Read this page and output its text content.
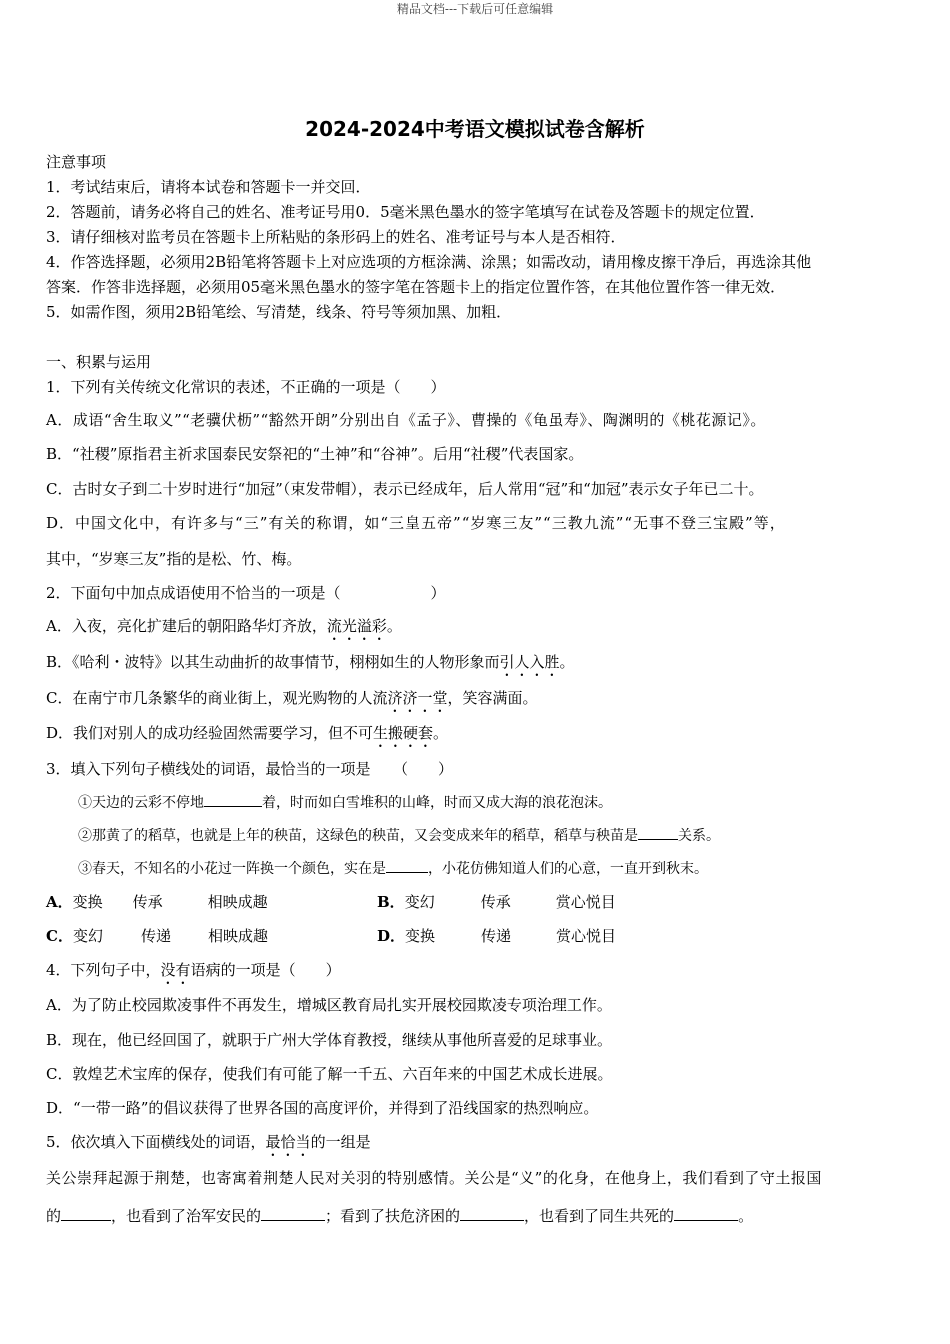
精品文档---下载后可任意编辑
2024-2024中考语文模拟试卷含解析
注意事项
1．考试结束后，请将本试卷和答题卡一并交回．
2．答题前，请务必将自己的姓名、准考证号用0．5毫米黑色墨水的签字笔填写在试卷及答题卡的规定位置．
3．请仔细核对监考员在答题卡上所粘贴的条形码上的姓名、准考证号与本人是否相符．
4．作答选择题，必须用2B铅笔将答题卡上对应选项的方框涂满、涂黑；如需改动，请用橡皮擦干净后，再选涂其他
答案．作答非选择题，必须用05毫米黑色墨水的签字笔在答题卡上的指定位置作答，在其他位置作答一律无效．
5．如需作图，须用2B铅笔绘、写清楚，线条、符号等须加黑、加粗．
一、积累与运用
1．下列有关传统文化常识的表述，不正确的一项是（　　）
A．成语“舍生取义”“老骥伏枥”“豁然开朗”分别出自《孟子》、曹操的《龟虽寿》、陶渊明的《桃花源记》。
B．“社稷”原指君主祈求国泰民安祭祀的“土神”和“谷神”。后用“社稷”代表国家。
C．古时女子到二十岁时进行“加冠”（束发带帽），表示已经成年，后人常用“冠”和“加冠”表示女子年已二十。
D．中国文化中，有许多与“三”有关的称谓，如“三皇五帝”“岁寒三友”“三教九流”“无事不登三宝殿”等，
其中，“岁寒三友”指的是松、竹、梅。
2．下面句中加点成语使用不恰当的一项是（　　　　　　）
A．入夜，亮化扩建后的朝阳路华灯齐放，流光溢彩。
B．《哈利・波特》以其生动曲折的故事情节，栩栩如生的人物形象而引人入胜。
C．在南宁市几条繁华的商业街上，观光购物的人流济济一堂，笑容满面。
D．我们对别人的成功经验固然需要学习，但不可生搬硬套。
3．填入下列句子横线处的词语，最恰当的一项是　　（　　）
①天边的云彩不停地	着，时而如白雪堆积的山峰，时而又成大海的浪花泡沫。
②那黄了的稻草，也就是上年的秧苗，这绿色的秧苗，又会变成来年的稻草，稻草与秧苗是	关系。
③春天，不知名的小花过一阵换一个颜色，实在是	，小花仿佛知道人们的心意，一直开到秋末。
A．变换 传承	相映成趣	B．变幻	传承	赏心悦目
C．变幻	传递 相映成趣	D．变换	传递	赏心悦目
4．下列句子中，没有语病的一项是（　　）
A．为了防止校园欺凌事件不再发生，增城区教育局扎实开展校园欺凌专项治理工作。
B．现在，他已经回国了，就职于广州大学体育教授，继续从事他所喜爱的足球事业。
C．敦煌艺术宝库的保存，使我们有可能了解一千五、六百年来的中国艺术成长进展。
D．“一带一路”的倡议获得了世界各国的高度评价，并得到了沿线国家的热烈响应。
5．依次填入下面横线处的词语，最恰当的一组是
关公崇拜起源于荆楚，也寄寓着荆楚人民对关羽的特别感情。关公是“义”的化身，在他身上，我们看到了守土报国
的	，也看到了治军安民的	；看到了扶危济困的	，也看到了同生共死的	。
